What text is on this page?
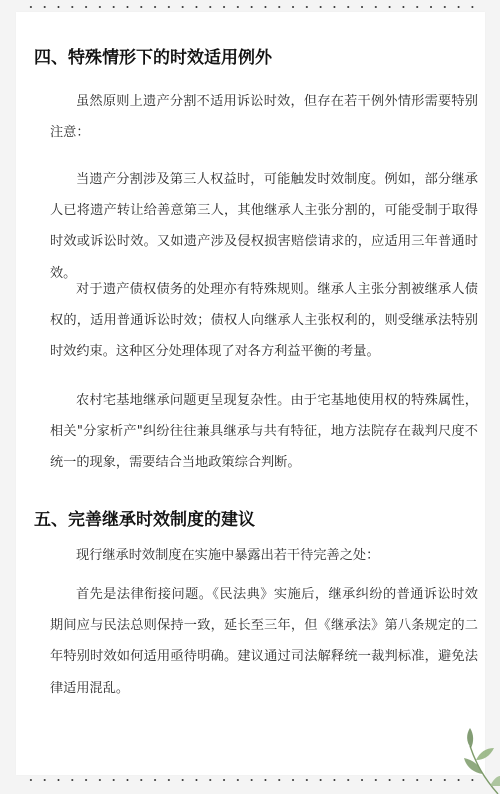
四、特殊情形下的时效适用例外

虽然原则上遗产分割不适用诉讼时效，但存在若干例外情形需要特别注意：

当遗产分割涉及第三人权益时，可能触发时效制度。例如，部分继承人已将遗产转让给善意第三人，其他继承人主张分割的，可能受制于取得时效或诉讼时效。又如遗产涉及侵权损害赔偿请求的，应适用三年普通时效。

对于遗产债权债务的处理亦有特殊规则。继承人主张分割被继承人债权的，适用普通诉讼时效；债权人向继承人主张权利的，则受继承法特别时效约束。这种区分处理体现了对各方利益平衡的考量。

农村宅基地继承问题更呈现复杂性。由于宅基地使用权的特殊属性，相关"分家析产"纠纷往往兼具继承与共有特征，地方法院存在裁判尺度不统一的现象，需要结合当地政策综合判断。

五、完善继承时效制度的建议

现行继承时效制度在实施中暴露出若干待完善之处：

首先是法律衔接问题。《民法典》实施后，继承纠纷的普通诉讼时效期间应与民法总则保持一致，延长至三年，但《继承法》第八条规定的二年特别时效如何适用亟待明确。建议通过司法解释统一裁判标准，避免法律适用混乱。
